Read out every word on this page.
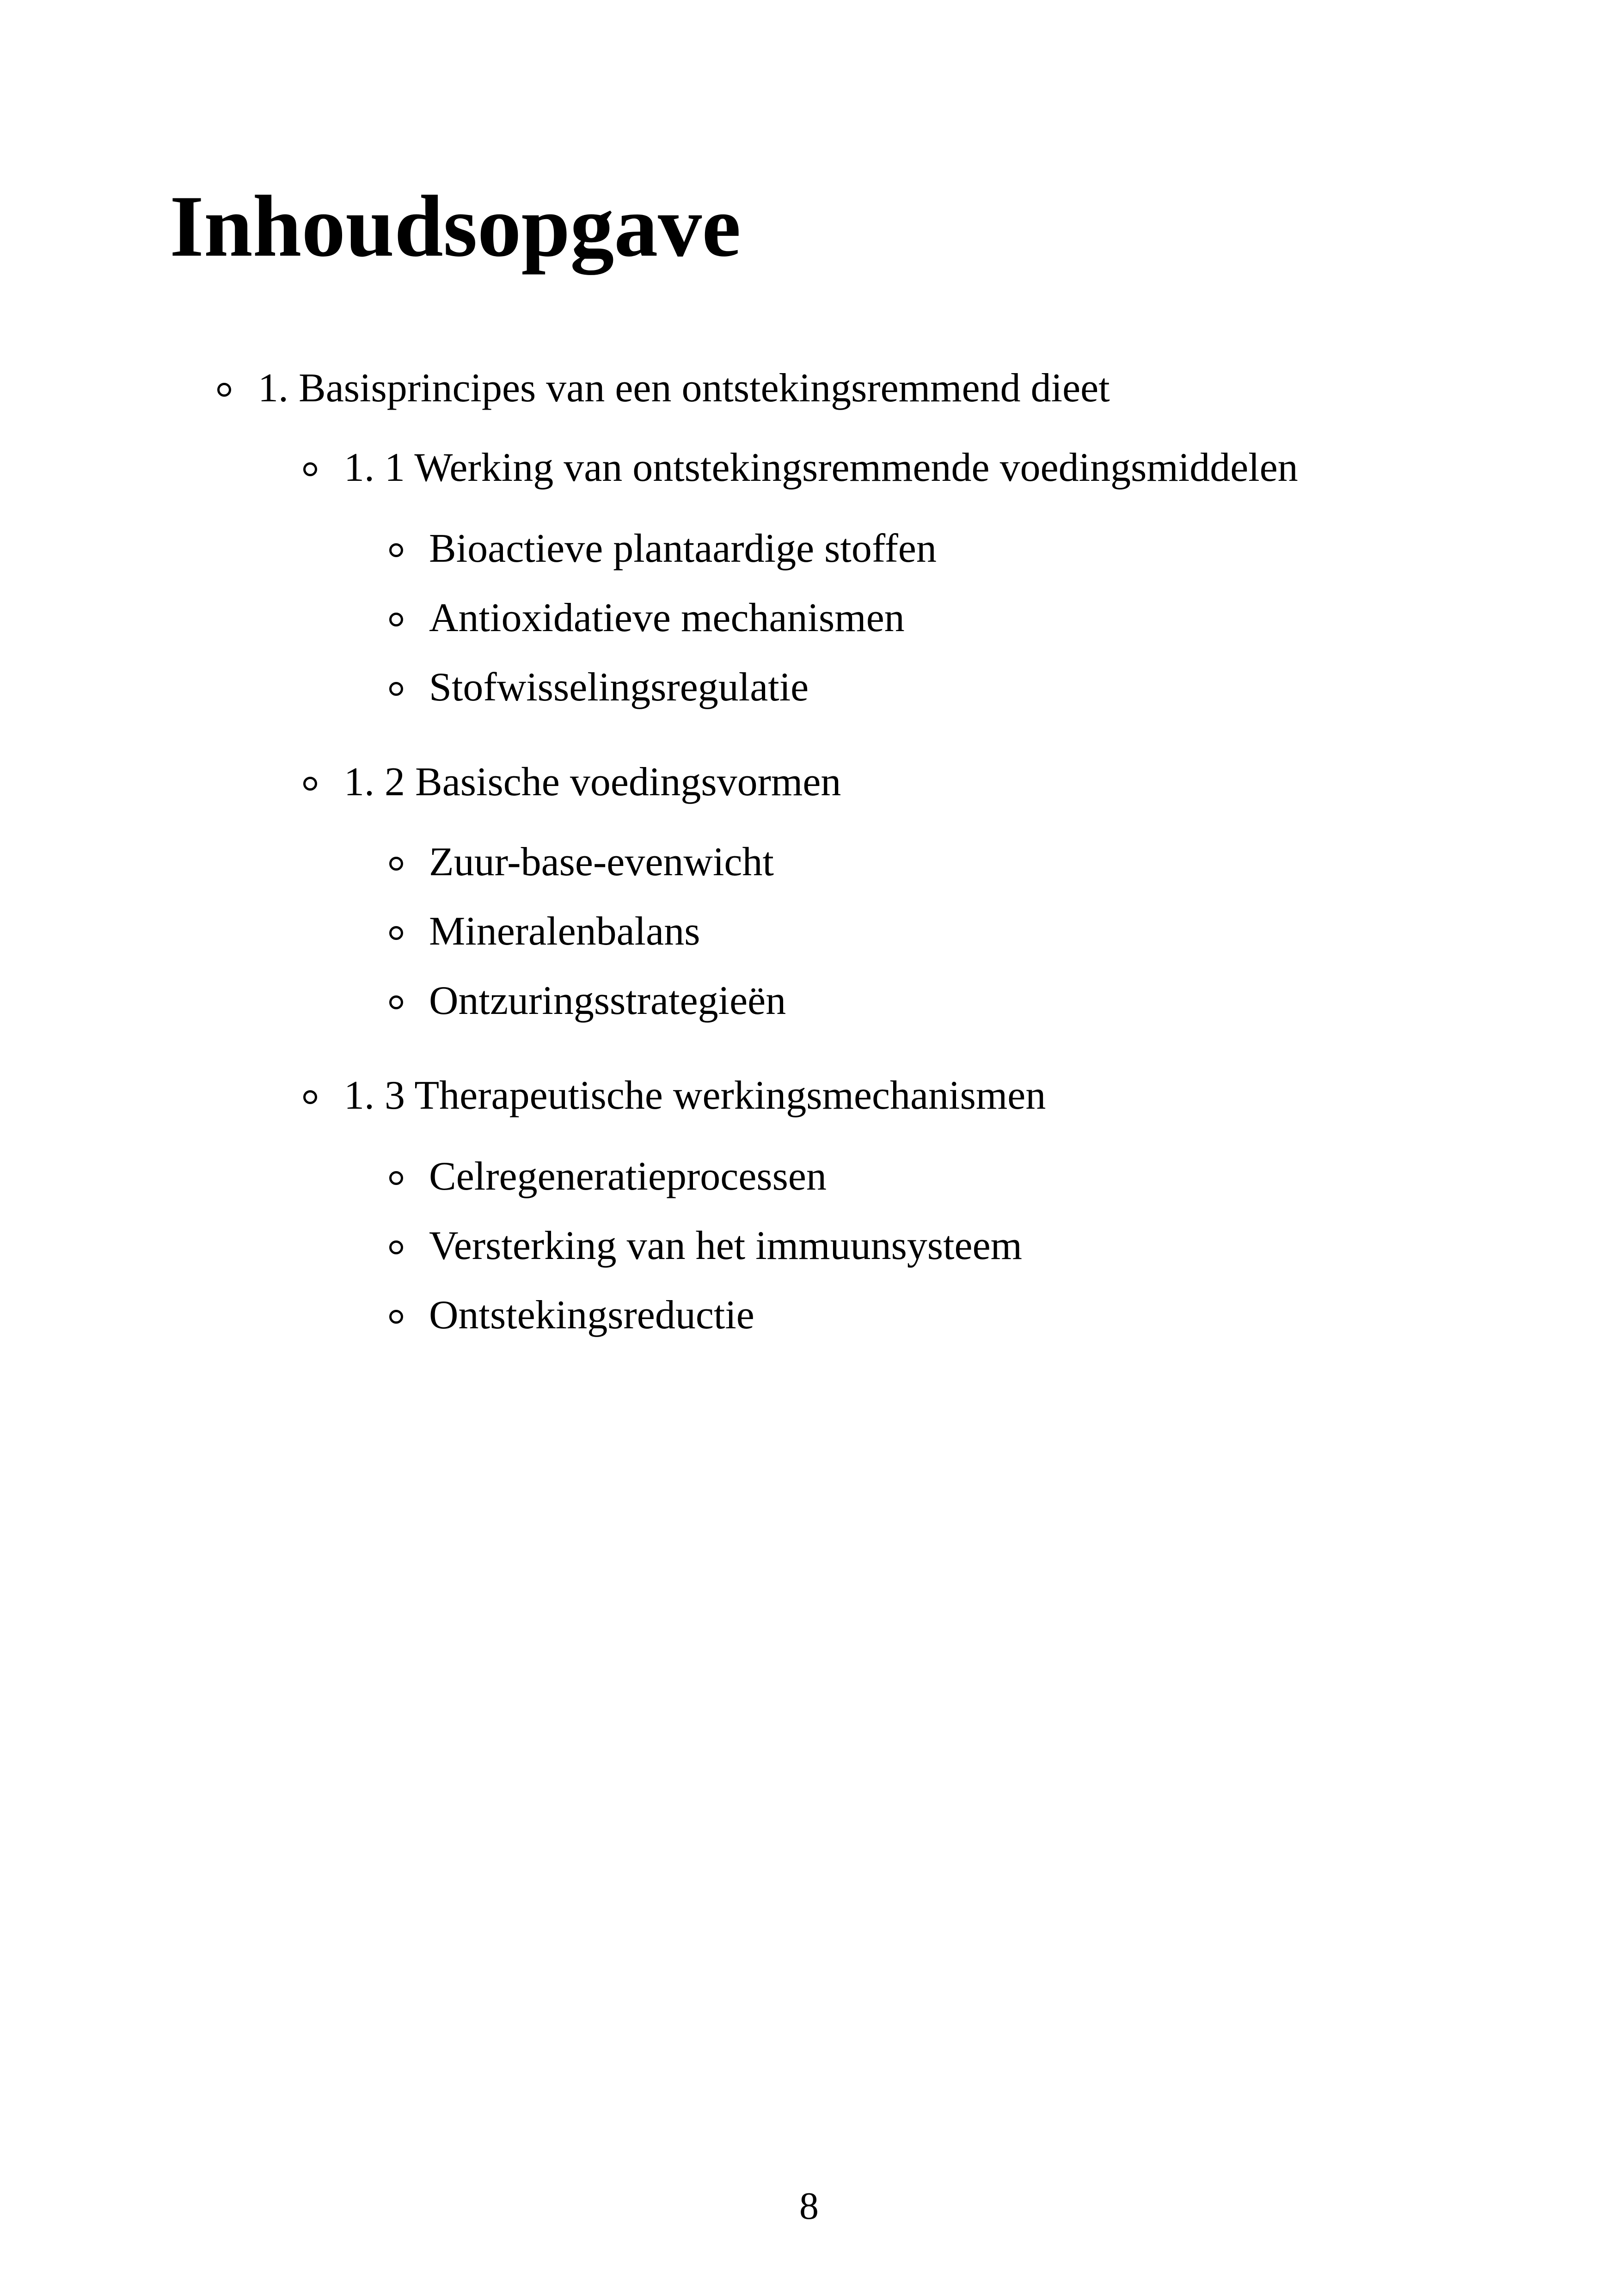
Inhoudsopgave

1. Basisprincipes van een ontstekingsremmend dieet

1. 1 Werking van ontstekingsremmende voedingsmiddelen

Bioactieve plantaardige stoffen

Antioxidatieve mechanismen

Stofwisselingsregulatie

1. 2 Basische voedingsvormen

Zuur-base-evenwicht

Mineralenbalans

Ontzuringsstrategieën

1. 3 Therapeutische werkingsmechanismen

Celregeneratieprocessen

Versterking van het immuunsysteem

Ontstekingsreductie

8
